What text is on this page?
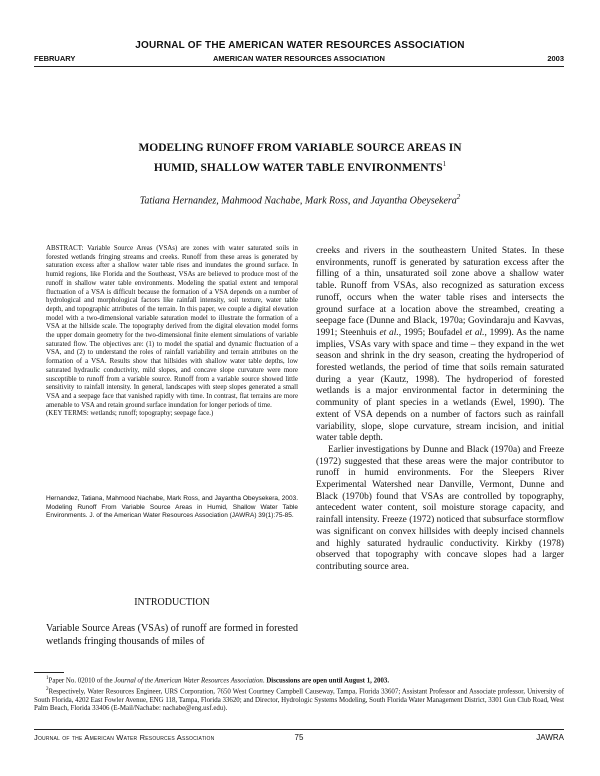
JOURNAL OF THE AMERICAN WATER RESOURCES ASSOCIATION
FEBRUARY	AMERICAN WATER RESOURCES ASSOCIATION	2003
MODELING RUNOFF FROM VARIABLE SOURCE AREAS IN
HUMID, SHALLOW WATER TABLE ENVIRONMENTS$^1$
Tatiana Hernandez, Mahmood Nachabe, Mark Ross, and Jayantha Obeysekera$^2$
ABSTRACT: Variable Source Areas (VSAs) are zones with water saturated soils in forested wetlands fringing streams and creeks. Runoff from these areas is generated by saturation excess after a shallow water table rises and inundates the ground surface. In humid regions, like Florida and the Southeast, VSAs are believed to produce most of the runoff in shallow water table environments. Modeling the spatial extent and temporal fluctuation of a VSA is difficult because the formation of a VSA depends on a number of hydrological and morphological factors like rainfall intensity, soil texture, water table depth, and topographic attributes of the terrain. In this paper, we couple a digital elevation model with a two-dimensional variable saturation model to illustrate the formation of a VSA at the hillside scale. The topography derived from the digital elevation model forms the upper domain geometry for the two-dimensional finite element simulations of variable saturated flow. The objectives are: (1) to model the spatial and dynamic fluctuation of a VSA, and (2) to understand the roles of rainfall variability and terrain attributes on the formation of a VSA. Results show that hillsides with shallow water table depths, low saturated hydraulic conductivity, mild slopes, and concave slope curvature were more susceptible to runoff from a variable source. Runoff from a variable source showed little sensitivity to rainfall intensity. In general, landscapes with steep slopes generated a small VSA and a seepage face that vanished rapidly with time. In contrast, flat terrains are more amenable to VSA and retain ground surface inundation for longer periods of time.
(KEY TERMS: wetlands; runoff; topography; seepage face.)
Hernandez, Tatiana, Mahmood Nachabe, Mark Ross, and Jayantha Obeysekera, 2003. Modeling Runoff From Variable Source Areas in Humid, Shallow Water Table Environments. J. of the American Water Resources Association (JAWRA) 39(1):75-85.
INTRODUCTION
Variable Source Areas (VSAs) of runoff are formed in forested wetlands fringing thousands of miles of

creeks and rivers in the southeastern United States. In these environments, runoff is generated by saturation excess after the filling of a thin, unsaturated soil zone above a shallow water table. Runoff from VSAs, also recognized as saturation excess runoff, occurs when the water table rises and intersects the ground surface at a location above the streambed, creating a seepage face (Dunne and Black, 1970a; Govindaraju and Kavvas, 1991; Steenhuis et al., 1995; Boufadel et al., 1999). As the name implies, VSAs vary with space and time – they expand in the wet season and shrink in the dry season, creating the hydroperiod of forested wetlands, the period of time that soils remain saturated during a year (Kautz, 1998). The hydroperiod of forested wetlands is a major environmental factor in determining the community of plant species in a wetlands (Ewel, 1990). The extent of VSA depends on a number of factors such as rainfall variability, slope, slope curvature, stream incision, and initial water table depth.

Earlier investigations by Dunne and Black (1970a) and Freeze (1972) suggested that these areas were the major contributor to runoff in humid environments. For the Sleepers River Experimental Watershed near Danville, Vermont, Dunne and Black (1970b) found that VSAs are controlled by topography, antecedent water content, soil moisture storage capacity, and rainfall intensity. Freeze (1972) noticed that subsurface stormflow was significant on convex hillsides with deeply incised channels and highly saturated hydraulic conductivity. Kirkby (1978) observed that topography with concave slopes had a larger contributing source area.

$^1$Paper No. 02010 of the Journal of the American Water Resources Association. Discussions are open until August 1, 2003.

$^2$Respectively, Water Resources Engineer, URS Corporation, 7650 West Courtney Campbell Causeway, Tampa, Florida 33607; Assistant Professor and Associate professor, University of South Florida, 4202 East Fowler Avenue, ENG 118, Tampa, Florida 33620; and Director, Hydrologic Systems Modeling, South Florida Water Management District, 3301 Gun Club Road, West Palm Beach, Florida 33406 (E-Mail/Nachabe: nachabe@eng.usf.edu).

Journal of the American Water Resources Association	75	JAWRA
